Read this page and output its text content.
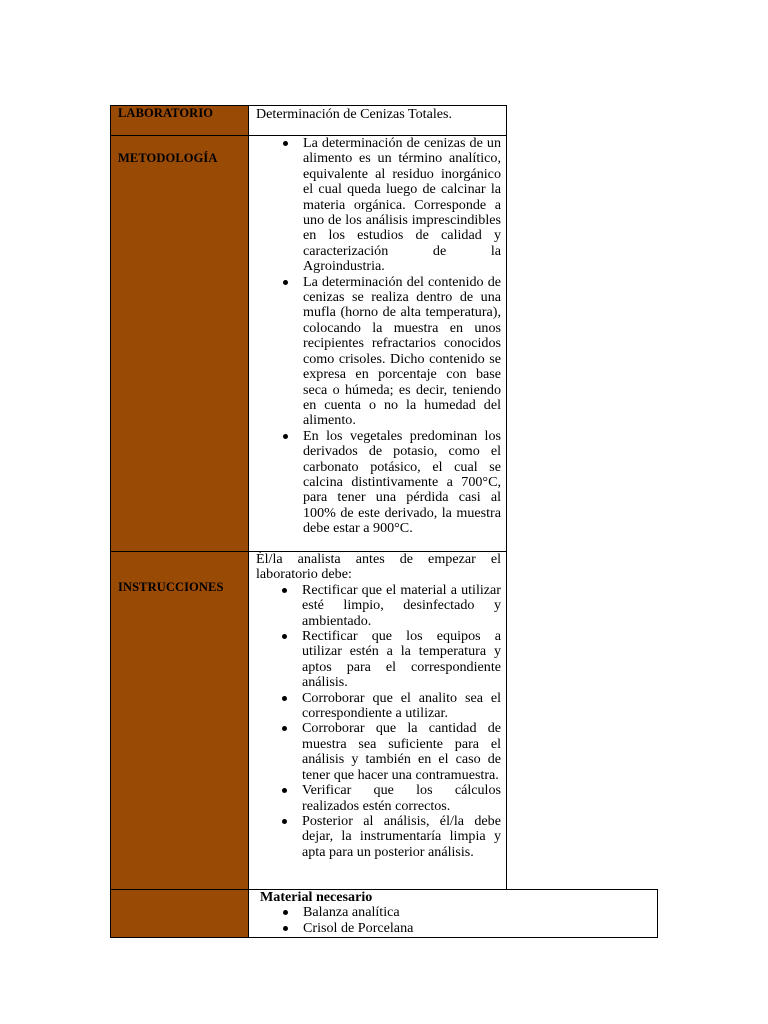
LABORATORIO	Determinación de Cenizas Totales.
METODOLOGÍA
La determinación de cenizas de un alimento es un término analítico, equivalente al residuo inorgánico el cual queda luego de calcinar la materia orgánica. Corresponde a uno de los análisis imprescindibles en los estudios de calidad y caracterización de la Agroindustria.
La determinación del contenido de cenizas se realiza dentro de una mufla (horno de alta temperatura), colocando la muestra en unos recipientes refractarios conocidos como crisoles. Dicho contenido se expresa en porcentaje con base seca o húmeda; es decir, teniendo en cuenta o no la humedad del alimento.
En los vegetales predominan los derivados de potasio, como el carbonato potásico, el cual se calcina distintivamente a 700°C, para tener una pérdida casi al 100% de este derivado, la muestra debe estar a 900°C.
INSTRUCCIONES

Él/la analista antes de empezar el laboratorio debe:

Rectificar que el material a utilizar esté limpio, desinfectado y ambientado.
Rectificar que los equipos a utilizar estén a la temperatura y aptos para el correspondiente análisis.
Corroborar que el analito sea el correspondiente a utilizar.
Corroborar que la cantidad de muestra sea suficiente para el análisis y también en el caso de tener que hacer una contramuestra.
Verificar que los cálculos realizados estén correctos.
Posterior al análisis, él/la debe dejar, la instrumentaría limpia y apta para un posterior análisis.

Material necesario

Balanza analítica
Crisol de Porcelana
